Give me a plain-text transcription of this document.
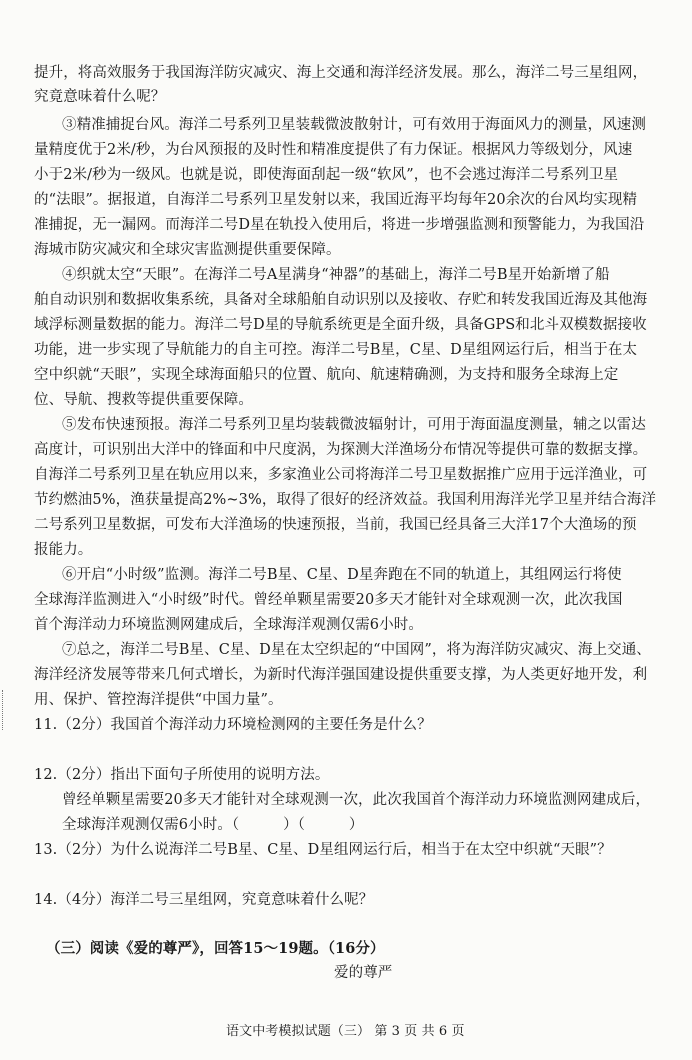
提升，将高效服务于我国海洋防灾减灾、海上交通和海洋经济发展。那么，海洋二号三星组网，
究竟意味着什么呢？
③精准捕捉台风。海洋二号系列卫星装载微波散射计，可有效用于海面风力的测量，风速测
量精度优于2米/秒，为台风预报的及时性和精准度提供了有力保证。根据风力等级划分，风速
小于2米/秒为一级风。也就是说，即使海面刮起一级“软风”，也不会逃过海洋二号系列卫星
的“法眼”。据报道，自海洋二号系列卫星发射以来，我国近海平均每年20余次的台风均实现精
准捕捉，无一漏网。而海洋二号D星在轨投入使用后，将进一步增强监测和预警能力，为我国沿
海城市防灾减灾和全球灾害监测提供重要保障。
④织就太空“天眼”。在海洋二号A星满身“神器”的基础上，海洋二号B星开始新增了船
舶自动识别和数据收集系统，具备对全球船舶自动识别以及接收、存贮和转发我国近海及其他海
域浮标测量数据的能力。海洋二号D星的导航系统更是全面升级，具备GPS和北斗双模数据接收
功能，进一步实现了导航能力的自主可控。海洋二号B星，C星、D星组网运行后，相当于在太
空中织就“天眼”，实现全球海面船只的位置、航向、航速精确测，为支持和服务全球海上定
位、导航、搜救等提供重要保障。
⑤发布快速预报。海洋二号系列卫星均装载微波辐射计，可用于海面温度测量，辅之以雷达
高度计，可识别出大洋中的锋面和中尺度涡，为探测大洋渔场分布情况等提供可靠的数据支撑。
自海洋二号系列卫星在轨应用以来，多家渔业公司将海洋二号卫星数据推广应用于远洋渔业，可
节约燃油5%，渔获量提高2%~3%，取得了很好的经济效益。我国利用海洋光学卫星并结合海洋
二号系列卫星数据，可发布大洋渔场的快速预报，当前，我国已经具备三大洋17个大渔场的预
报能力。
⑥开启“小时级”监测。海洋二号B星、C星、D星奔跑在不同的轨道上，其组网运行将使
全球海洋监测进入“小时级”时代。曾经单颗星需要20多天才能针对全球观测一次，此次我国
首个海洋动力环境监测网建成后，全球海洋观测仅需6小时。
⑦总之，海洋二号B星、C星、D星在太空织起的“中国网”，将为海洋防灾减灾、海上交通、
海洋经济发展等带来几何式增长，为新时代海洋强国建设提供重要支撑，为人类更好地开发，利
用、保护、管控海洋提供“中国力量”。
11.（2分）我国首个海洋动力环境检测网的主要任务是什么？
12.（2分）指出下面句子所使用的说明方法。
曾经单颗星需要20多天才能针对全球观测一次，此次我国首个海洋动力环境监测网建成后，
全球海洋观测仅需6小时。（　　　）（　　　）
13.（2分）为什么说海洋二号B星、C星、D星组网运行后，相当于在太空中织就“天眼”？
14.（4分）海洋二号三星组网，究竟意味着什么呢？
（三）阅读《爱的尊严》，回答15～19题。（16分）
爱的尊严
语文中考模拟试题（三） 第 3 页 共 6 页
